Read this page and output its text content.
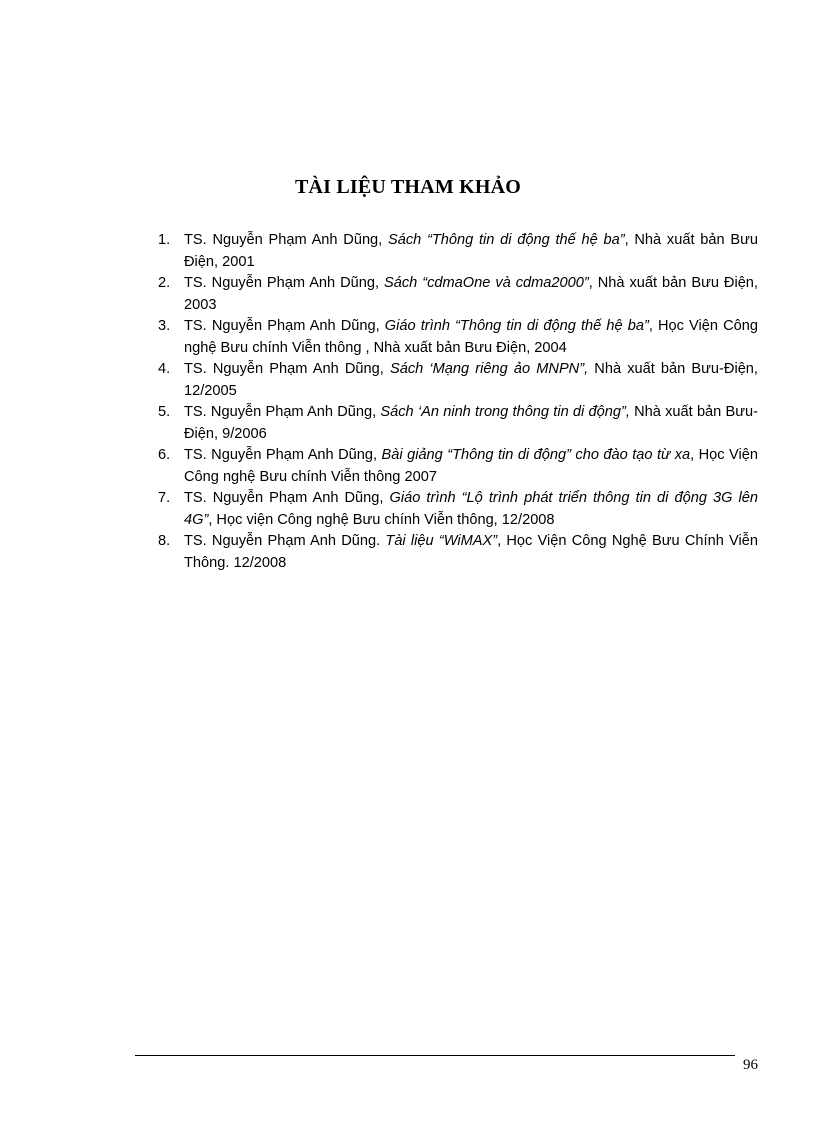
TÀI LIỆU THAM KHẢO
1. TS. Nguyễn Phạm Anh Dũng, Sách “Thông tin di động thế hệ ba”, Nhà xuất bản Bưu Điện, 2001
2. TS. Nguyễn Phạm Anh Dũng, Sách “cdmaOne và cdma2000”, Nhà xuất bản Bưu Điện, 2003
3. TS. Nguyễn Phạm Anh Dũng, Giáo trình “Thông tin di động thế hệ ba”, Học Viện Công nghệ Bưu chính Viễn thông , Nhà xuất bản Bưu Điện, 2004
4. TS. Nguyễn Phạm Anh Dũng, Sách ‘Mạng riêng ảo MNPN”, Nhà xuất bản Bưu-Điện, 12/2005
5. TS. Nguyễn Phạm Anh Dũng, Sách ‘An ninh trong thông tin di động”, Nhà xuất bản Bưu-Điện, 9/2006
6. TS. Nguyễn Phạm Anh Dũng, Bài giảng “Thông tin di động” cho đào tạo từ xa, Học Viện Công nghệ Bưu chính Viễn thông 2007
7. TS. Nguyễn Phạm Anh Dũng, Giáo trình “Lộ trình phát triển thông tin di động 3G lên 4G”, Học viện Công nghệ Bưu chính Viễn thông, 12/2008
8. TS. Nguyễn Phạm Anh Dũng. Tài liệu “WiMAX”, Học Viện Công Nghệ Bưu Chính Viễn Thông. 12/2008
96
